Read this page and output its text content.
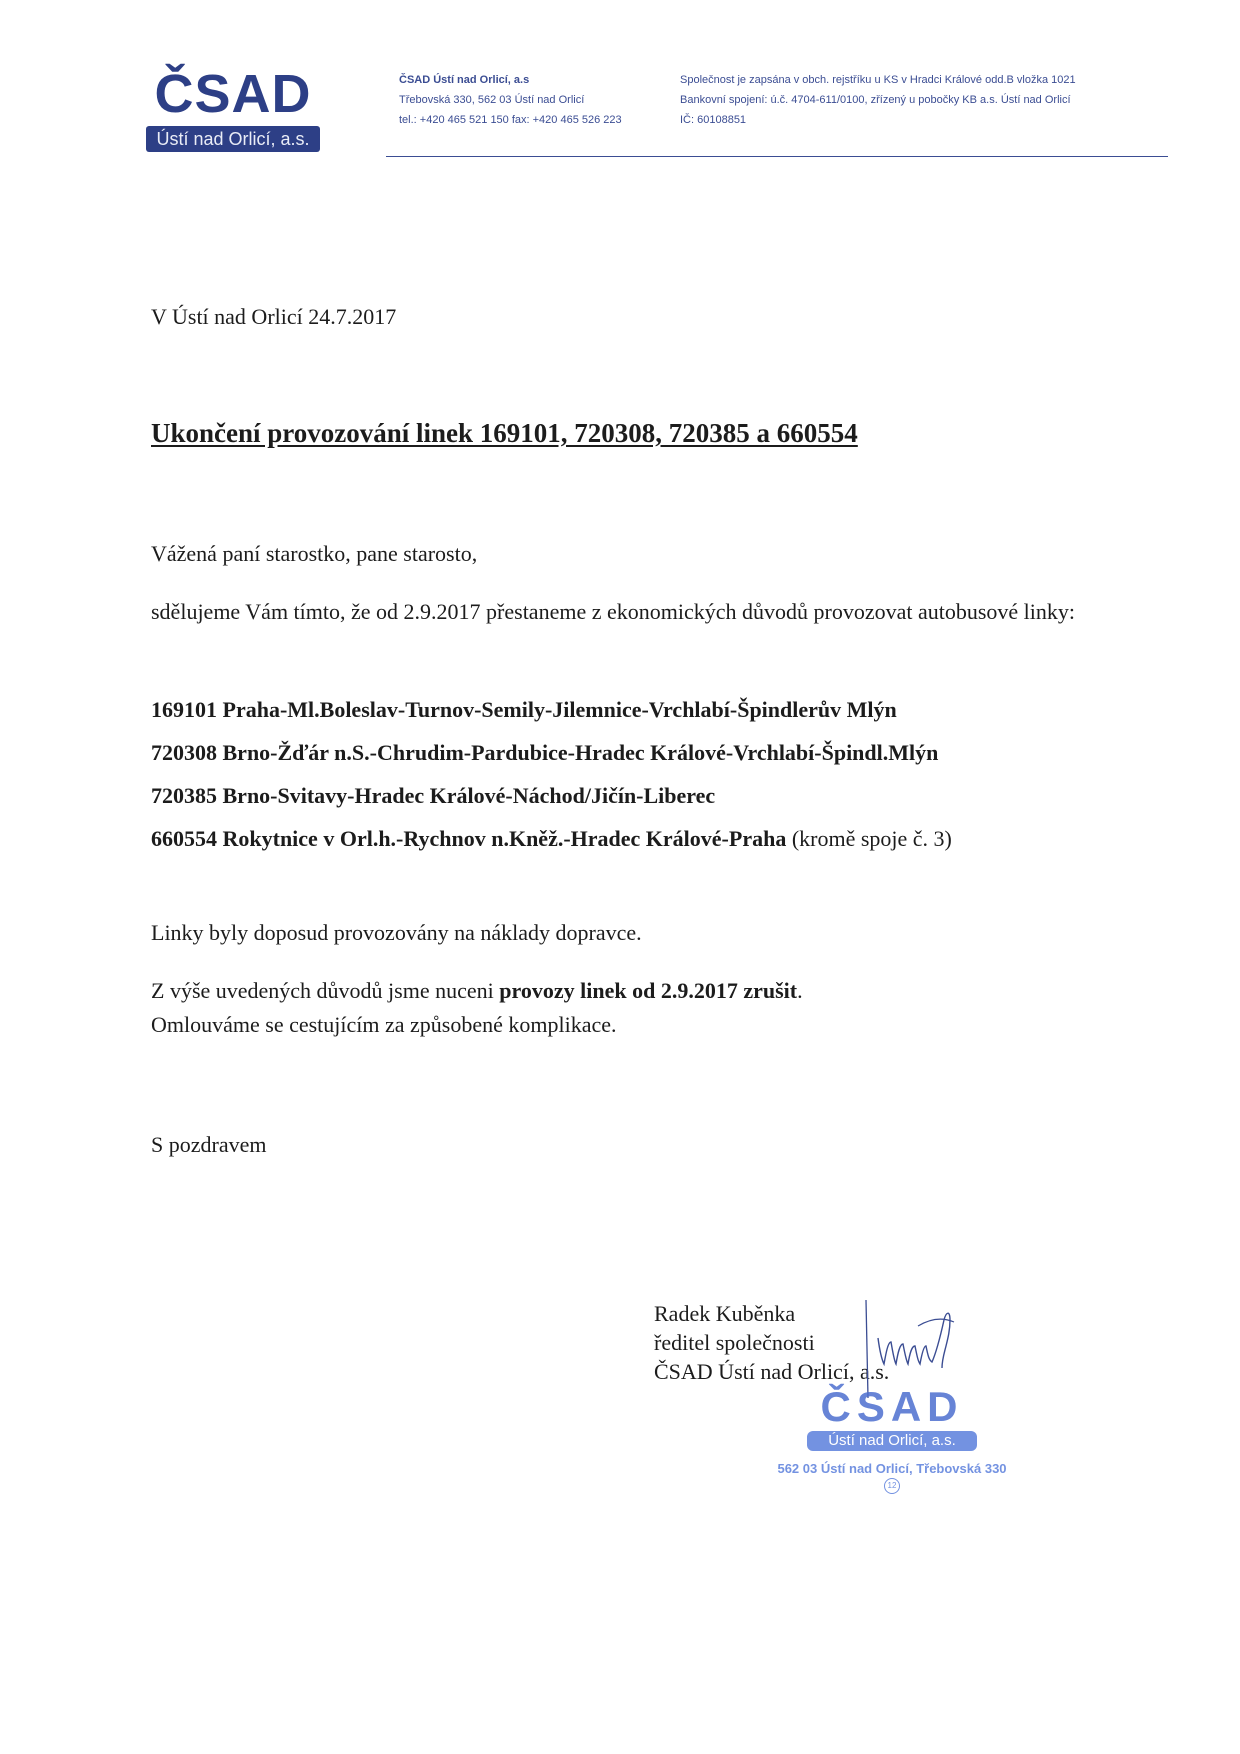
ČSAD
Ústí nad Orlicí, a.s.
ČSAD Ústí nad Orlicí, a.s
Třebovská 330, 562 03 Ústí nad Orlicí
tel.: +420 465 521 150 fax: +420 465 526 223
Společnost je zapsána v obch. rejstříku u KS v Hradci Králové odd.B vložka 1021
Bankovní spojení: ú.č. 4704-611/0100, zřízený u pobočky KB a.s. Ústí nad Orlicí
IČ: 60108851
V Ústí nad Orlicí 24.7.2017
Ukončení provozování linek 169101, 720308, 720385 a 660554
Vážená paní starostko, pane starosto,
sdělujeme Vám tímto, že od 2.9.2017 přestaneme z ekonomických důvodů provozovat autobusové linky:
169101 Praha-Ml.Boleslav-Turnov-Semily-Jilemnice-Vrchlabí-Špindlerův Mlýn
720308 Brno-Žďár n.S.-Chrudim-Pardubice-Hradec Králové-Vrchlabí-Špindl.Mlýn
720385 Brno-Svitavy-Hradec Králové-Náchod/Jičín-Liberec
660554 Rokytnice v Orl.h.-Rychnov n.Kněž.-Hradec Králové-Praha (kromě spoje č. 3)
Linky byly doposud provozovány na náklady dopravce.
Z výše uvedených důvodů jsme nuceni provozy linek od 2.9.2017 zrušit.
Omlouváme se cestujícím za způsobené komplikace.
S pozdravem
Radek Kuběnka
ředitel společnosti
ČSAD Ústí nad Orlicí, a.s.
ČSAD
Ústí nad Orlicí, a.s.
562 03 Ústí nad Orlicí, Třebovská 330
12
